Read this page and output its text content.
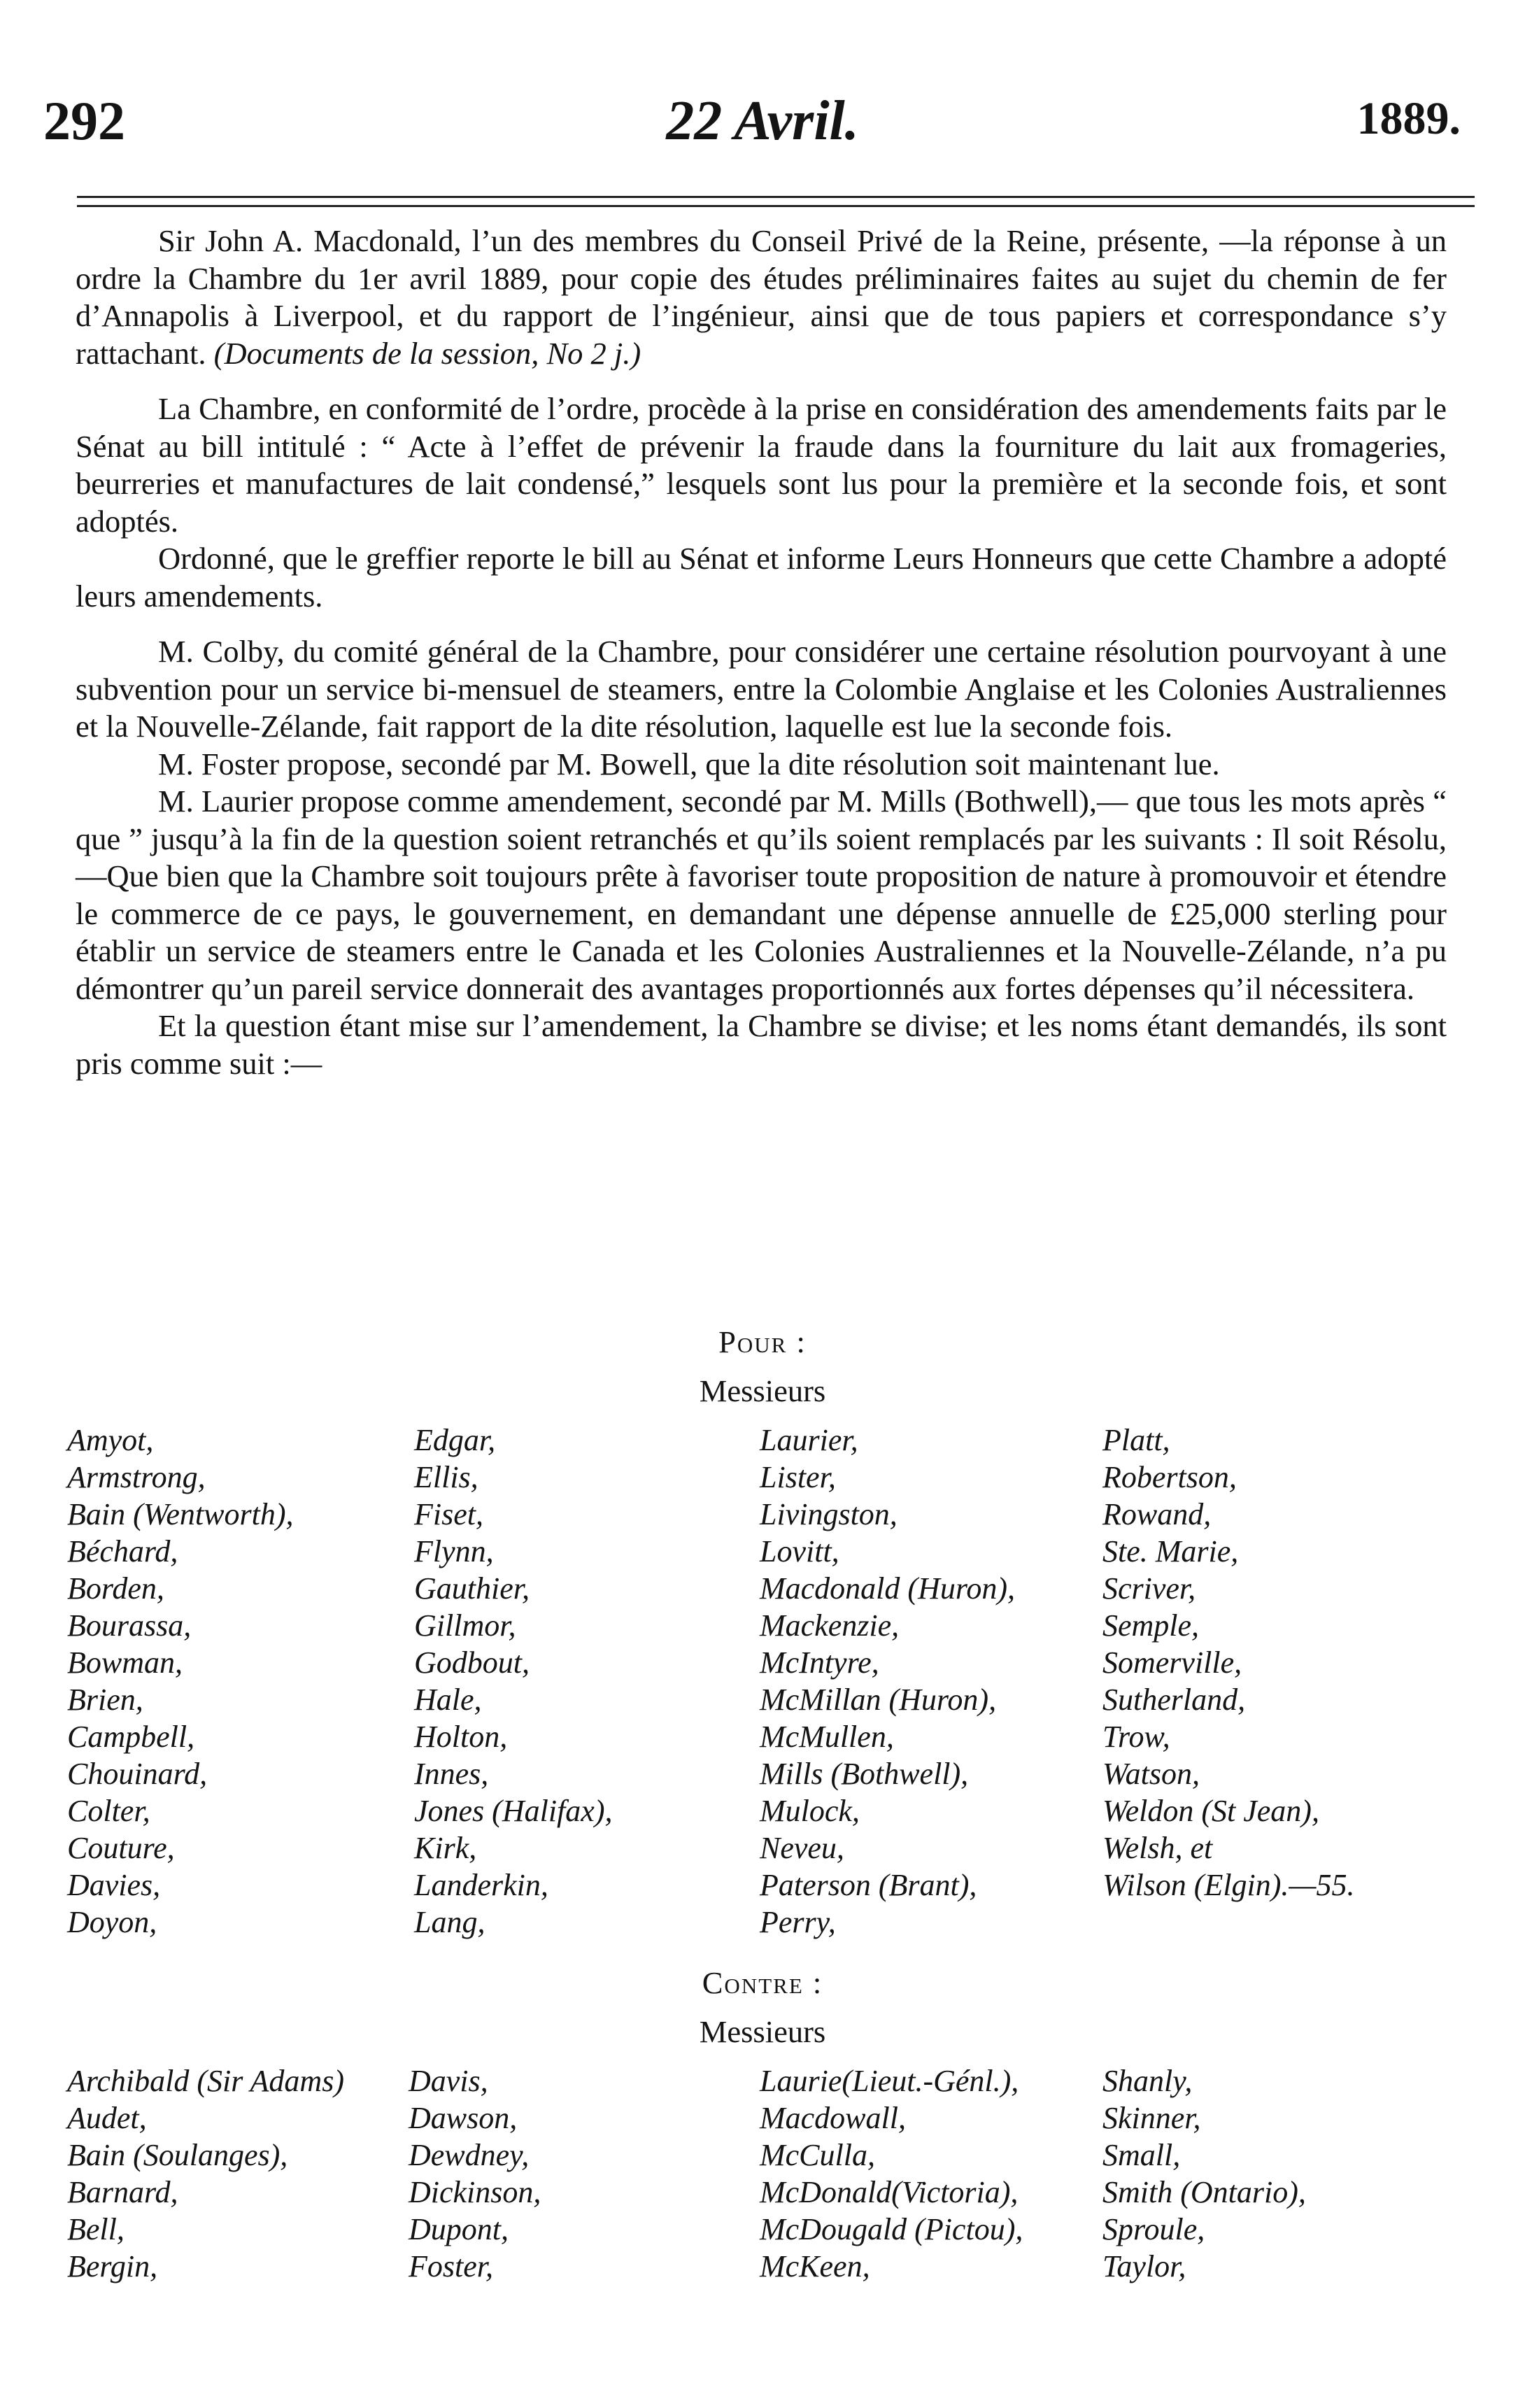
292	22 Avril.	1889.

Sir John A. Macdonald, l’un des membres du Conseil Privé de la Reine, présente, —la réponse à un ordre la Chambre du 1er avril 1889, pour copie des études préliminaires faites au sujet du chemin de fer d’Annapolis à Liverpool, et du rapport de l’ingénieur, ainsi que de tous papiers et correspondance s’y rattachant. (Documents de la session, No 2 j.)

La Chambre, en conformité de l’ordre, procède à la prise en considération des amendements faits par le Sénat au bill intitulé : “ Acte à l’effet de prévenir la fraude dans la fourniture du lait aux fromageries, beurreries et manufactures de lait condensé,” lesquels sont lus pour la première et la seconde fois, et sont adoptés.

Ordonné, que le greffier reporte le bill au Sénat et informe Leurs Honneurs que cette Chambre a adopté leurs amendements.

M. Colby, du comité général de la Chambre, pour considérer une certaine résolution pourvoyant à une subvention pour un service bi-mensuel de steamers, entre la Colombie Anglaise et les Colonies Australiennes et la Nouvelle-Zélande, fait rapport de la dite résolution, laquelle est lue la seconde fois.

M. Foster propose, secondé par M. Bowell, que la dite résolution soit maintenant lue.

M. Laurier propose comme amendement, secondé par M. Mills (Bothwell),— que tous les mots après “ que ” jusqu’à la fin de la question soient retranchés et qu’ils soient remplacés par les suivants : Il soit Résolu,—Que bien que la Chambre soit toujours prête à favoriser toute proposition de nature à promouvoir et étendre le commerce de ce pays, le gouvernement, en demandant une dépense annuelle de £25,000 sterling pour établir un service de steamers entre le Canada et les Colonies Australiennes et la Nouvelle-Zélande, n’a pu démontrer qu’un pareil service donnerait des avantages proportionnés aux fortes dépenses qu’il nécessitera.

Et la question étant mise sur l’amendement, la Chambre se divise; et les noms étant demandés, ils sont pris comme suit :—

Pour :
Messieurs
Amyot,
Armstrong,
Bain (Wentworth),
Béchard,
Borden,
Bourassa,
Bowman,
Brien,
Campbell,
Chouinard,
Colter,
Couture,
Davies,
Doyon,
Edgar,
Ellis,
Fiset,
Flynn,
Gauthier,
Gillmor,
Godbout,
Hale,
Holton,
Innes,
Jones (Halifax),
Kirk,
Landerkin,
Lang,
Laurier,
Lister,
Livingston,
Lovitt,
Macdonald (Huron),
Mackenzie,
McIntyre,
McMillan (Huron),
McMullen,
Mills (Bothwell),
Mulock,
Neveu,
Paterson (Brant),
Perry,
Platt,
Robertson,
Rowand,
Ste. Marie,
Scriver,
Semple,
Somerville,
Sutherland,
Trow,
Watson,
Weldon (St Jean),
Welsh, et
Wilson (Elgin).—55.
Contre :
Messieurs
Archibald (Sir Adams)
Audet,
Bain (Soulanges),
Barnard,
Bell,
Bergin,
Davis,
Dawson,
Dewdney,
Dickinson,
Dupont,
Foster,
Laurie(Lieut.-Génl.),
Macdowall,
McCulla,
McDonald(Victoria),
McDougald (Pictou),
McKeen,
Shanly,
Skinner,
Small,
Smith (Ontario),
Sproule,
Taylor,
